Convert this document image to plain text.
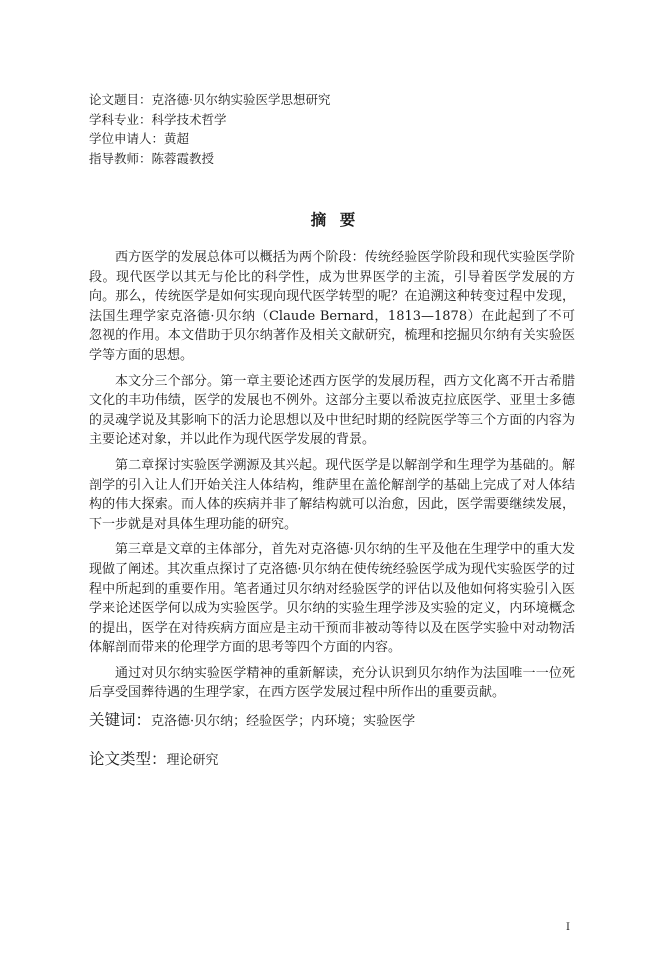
论文题目：克洛德·贝尔纳实验医学思想研究
学科专业：科学技术哲学
学位申请人：黄超
指导教师：陈蓉霞教授
摘 要

西方医学的发展总体可以概括为两个阶段：传统经验医学阶段和现代实验医学阶段。现代医学以其无与伦比的科学性，成为世界医学的主流，引导着医学发展的方向。那么，传统医学是如何实现向现代医学转型的呢？在追溯这种转变过程中发现，法国生理学家克洛德·贝尔纳（Claude Bernard，1813—1878）在此起到了不可忽视的作用。本文借助于贝尔纳著作及相关文献研究，梳理和挖掘贝尔纳有关实验医学等方面的思想。

本文分三个部分。第一章主要论述西方医学的发展历程，西方文化离不开古希腊文化的丰功伟绩，医学的发展也不例外。这部分主要以希波克拉底医学、亚里士多德的灵魂学说及其影响下的活力论思想以及中世纪时期的经院医学等三个方面的内容为主要论述对象，并以此作为现代医学发展的背景。

第二章探讨实验医学溯源及其兴起。现代医学是以解剖学和生理学为基础的。解剖学的引入让人们开始关注人体结构，维萨里在盖伦解剖学的基础上完成了对人体结构的伟大探索。而人体的疾病并非了解结构就可以治愈，因此，医学需要继续发展，下一步就是对具体生理功能的研究。

第三章是文章的主体部分，首先对克洛德·贝尔纳的生平及他在生理学中的重大发现做了阐述。其次重点探讨了克洛德·贝尔纳在使传统经验医学成为现代实验医学的过程中所起到的重要作用。笔者通过贝尔纳对经验医学的评估以及他如何将实验引入医学来论述医学何以成为实验医学。贝尔纳的实验生理学涉及实验的定义，内环境概念的提出，医学在对待疾病方面应是主动干预而非被动等待以及在医学实验中对动物活体解剖而带来的伦理学方面的思考等四个方面的内容。

通过对贝尔纳实验医学精神的重新解读，充分认识到贝尔纳作为法国唯一一位死后享受国葬待遇的生理学家，在西方医学发展过程中所作出的重要贡献。

关键词：克洛德·贝尔纳；经验医学；内环境；实验医学
论文类型：理论研究
I
